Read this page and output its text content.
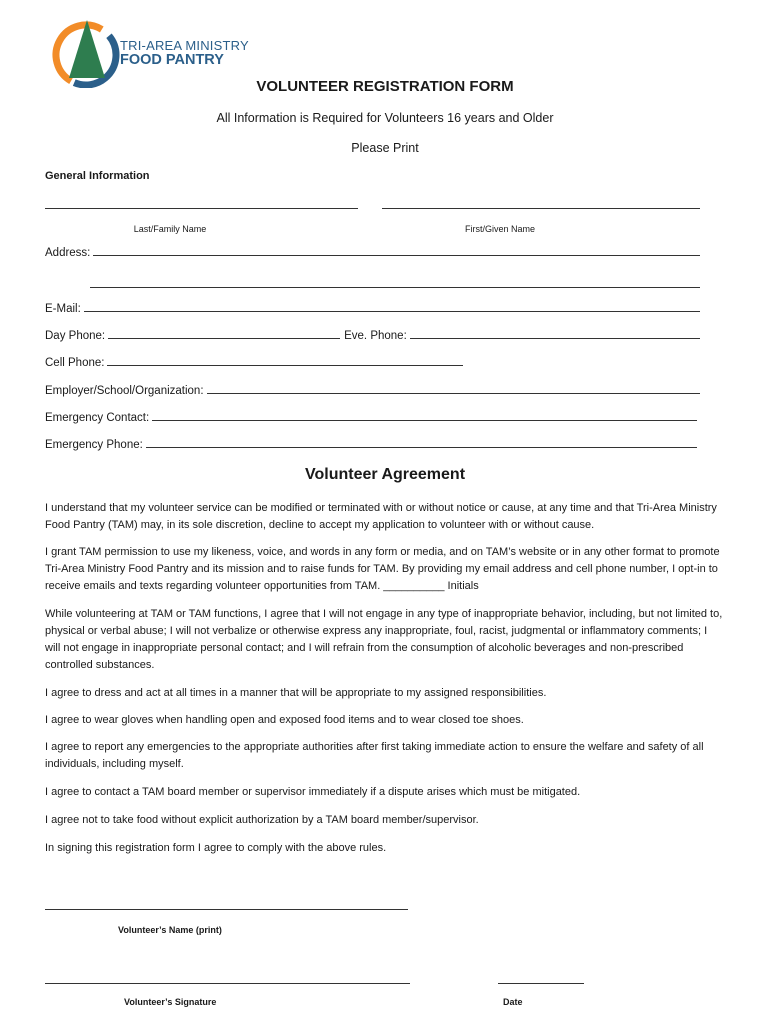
TRI-AREA MINISTRY
FOOD PANTRY
VOLUNTEER REGISTRATION FORM
All Information is Required for Volunteers 16 years and Older
Please Print
General Information
Last/Family Name	First/Given Name
Address:
E-Mail:
Day Phone:	Eve. Phone:
Cell Phone:
Employer/School/Organization:
Emergency Contact:
Emergency Phone:
Volunteer Agreement
I understand that my volunteer service can be modified or terminated with or without notice or cause, at any time and that Tri-Area Ministry Food Pantry (TAM) may, in its sole discretion, decline to accept my application to volunteer with or without cause.
I grant TAM permission to use my likeness, voice, and words in any form or media, and on TAM’s website or in any other format to promote Tri-Area Ministry Food Pantry and its mission and to raise funds for TAM. By providing my email address and cell phone number, I opt-in to receive emails and texts regarding volunteer opportunities from TAM. __________ Initials
While volunteering at TAM or TAM functions, I agree that I will not engage in any type of inappropriate behavior, including, but not limited to, physical or verbal abuse; I will not verbalize or otherwise express any inappropriate, foul, racist, judgmental or inflammatory comments; I will not engage in inappropriate personal contact; and I will refrain from the consumption of alcoholic beverages and non-prescribed controlled substances.
I agree to dress and act at all times in a manner that will be appropriate to my assigned responsibilities.
I agree to wear gloves when handling open and exposed food items and to wear closed toe shoes.
I agree to report any emergencies to the appropriate authorities after first taking immediate action to ensure the welfare and safety of all individuals, including myself.
I agree to contact a TAM board member or supervisor immediately if a dispute arises which must be mitigated.
I agree not to take food without explicit authorization by a TAM board member/supervisor.
In signing this registration form I agree to comply with the above rules.
Volunteer’s Name (print)
Volunteer’s Signature	Date
